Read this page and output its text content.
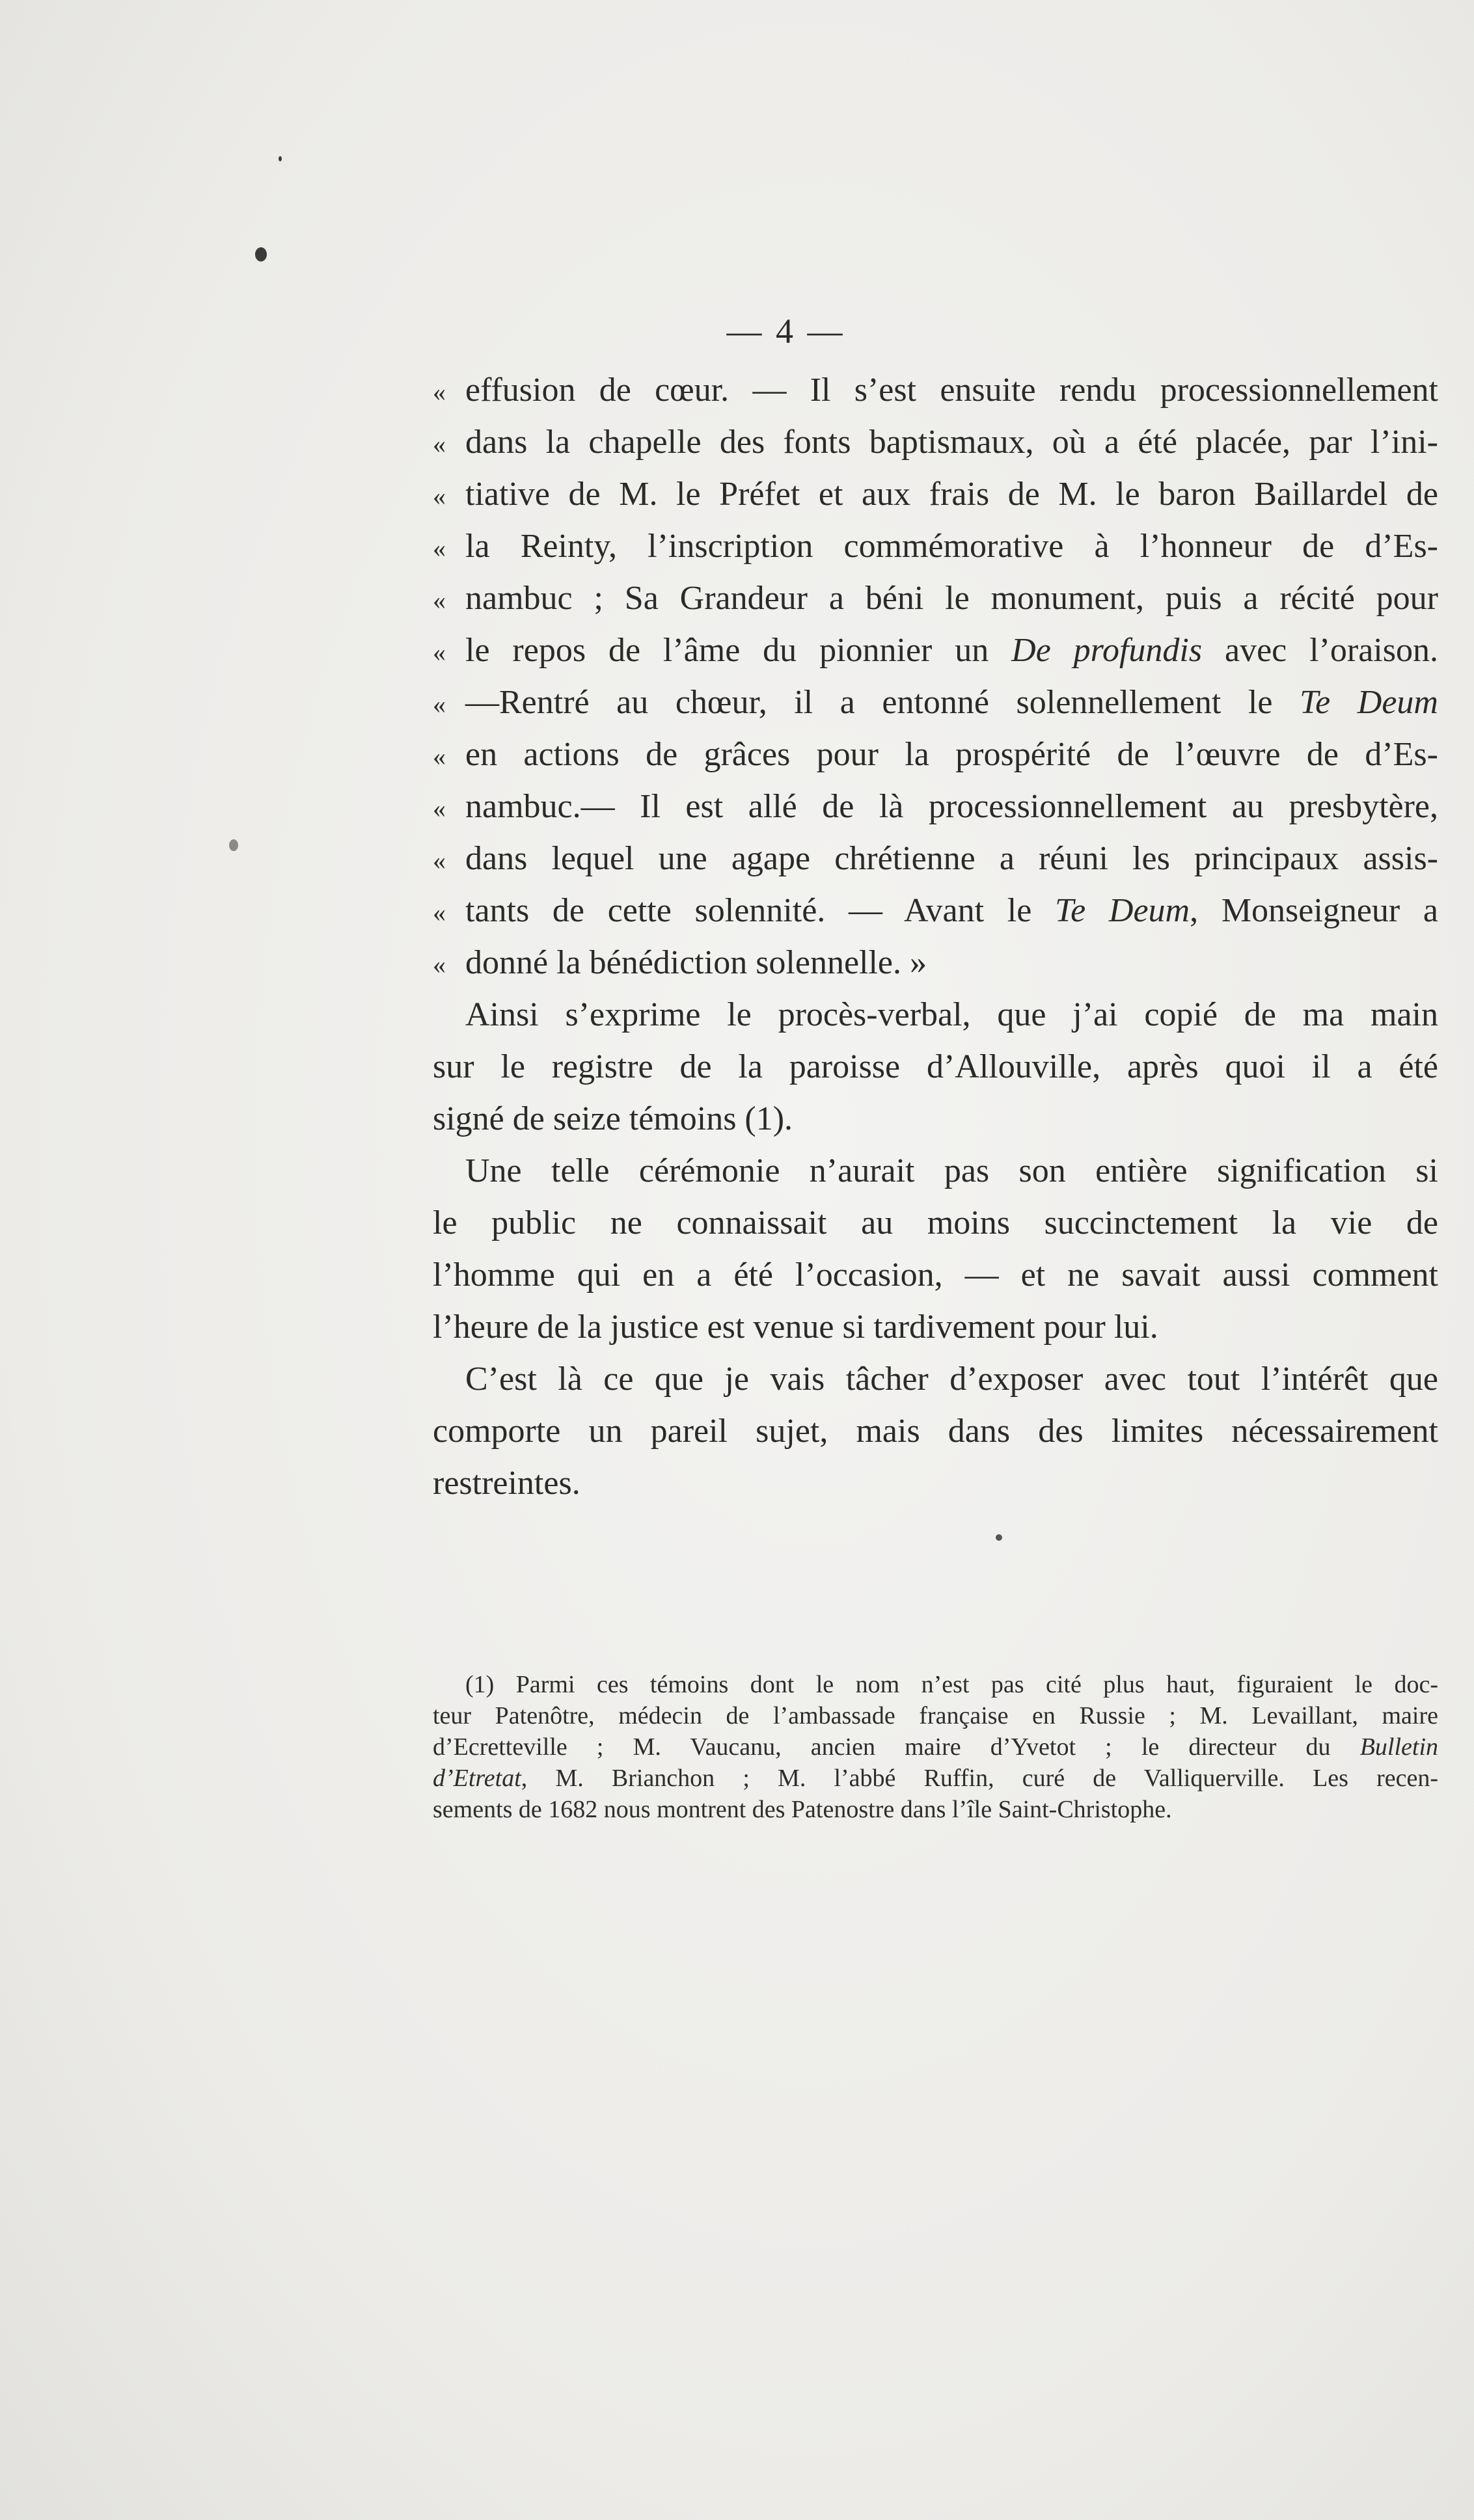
— 4 —
« effusion de cœur. — Il s’est ensuite rendu processionnellement
« dans la chapelle des fonts baptismaux, où a été placée, par l’ini-
« tiative de M. le Préfet et aux frais de M. le baron Baillardel de
« la Reinty, l’inscription commémorative à l’honneur de d’Es-
« nambuc ; Sa Grandeur a béni le monument, puis a récité pour
« le repos de l’âme du pionnier un De profundis avec l’oraison.
« —Rentré au chœur, il a entonné solennellement le Te Deum
« en actions de grâces pour la prospérité de l’œuvre de d’Es-
« nambuc.— Il est allé de là processionnellement au presbytère,
« dans lequel une agape chrétienne a réuni les principaux assis-
« tants de cette solennité. — Avant le Te Deum, Monseigneur a
« donné la bénédiction solennelle. »
Ainsi s’exprime le procès-verbal, que j’ai copié de ma main
sur le registre de la paroisse d’Allouville, après quoi il a été
signé de seize témoins (1).
Une telle cérémonie n’aurait pas son entière signification si
le public ne connaissait au moins succinctement la vie de
l’homme qui en a été l’occasion, — et ne savait aussi comment
l’heure de la justice est venue si tardivement pour lui.
C’est là ce que je vais tâcher d’exposer avec tout l’intérêt que
comporte un pareil sujet, mais dans des limites nécessairement
restreintes.
(1) Parmi ces témoins dont le nom n’est pas cité plus haut, figuraient le doc-
teur Patenôtre, médecin de l’ambassade française en Russie ; M. Levaillant, maire
d’Ecretteville ; M. Vaucanu, ancien maire d’Yvetot ; le directeur du Bulletin
d’Etretat, M. Brianchon ; M. l’abbé Ruffin, curé de Valliquerville. Les recen-
sements de 1682 nous montrent des Patenostre dans l’île Saint-Christophe.
